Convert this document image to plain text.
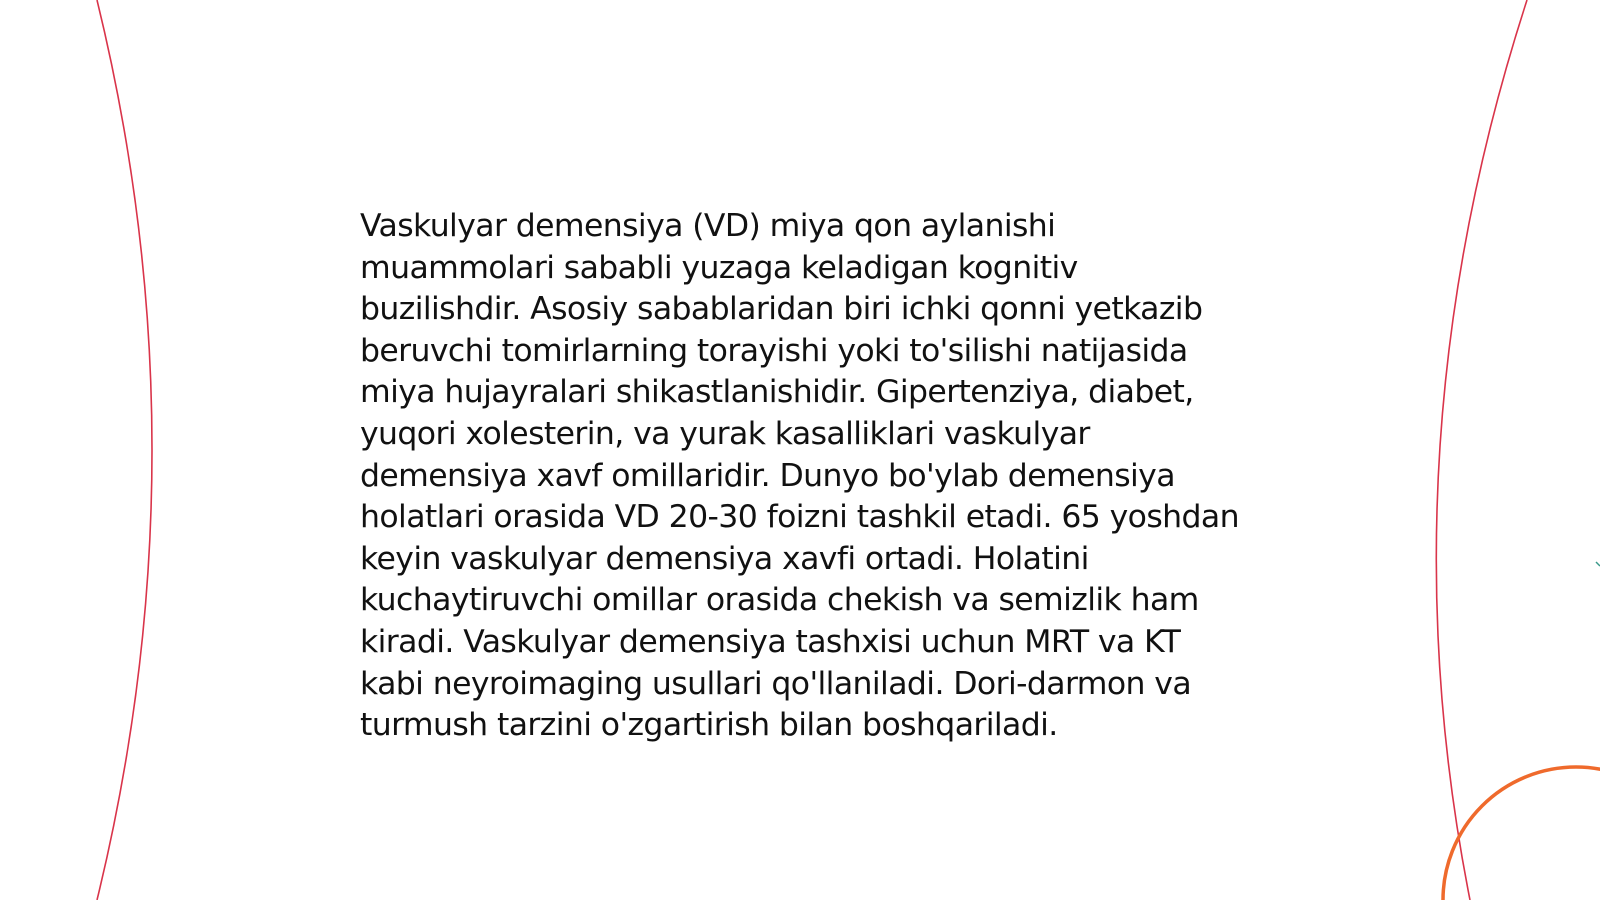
Vaskulyar demensiya (VD) miya qon aylanishi muammolari sababli yuzaga keladigan kognitiv buzilishdir. Asosiy sabablaridan biri ichki qonni yetkazib beruvchi tomirlarning torayishi yoki to'silishi natijasida miya hujayralari shikastlanishidir. Gipertenziya, diabet, yuqori xolesterin, va yurak kasalliklari vaskulyar demensiya xavf omillaridir. Dunyo bo'ylab demensiya holatlari orasida VD 20-30 foizni tashkil etadi. 65 yoshdan keyin vaskulyar demensiya xavfi ortadi. Holatini kuchaytiruvchi omillar orasida chekish va semizlik ham kiradi. Vaskulyar demensiya tashxisi uchun MRT va KT kabi neyroimaging usullari qo'llaniladi. Dori-darmon va turmush tarzini o'zgartirish bilan boshqariladi.
